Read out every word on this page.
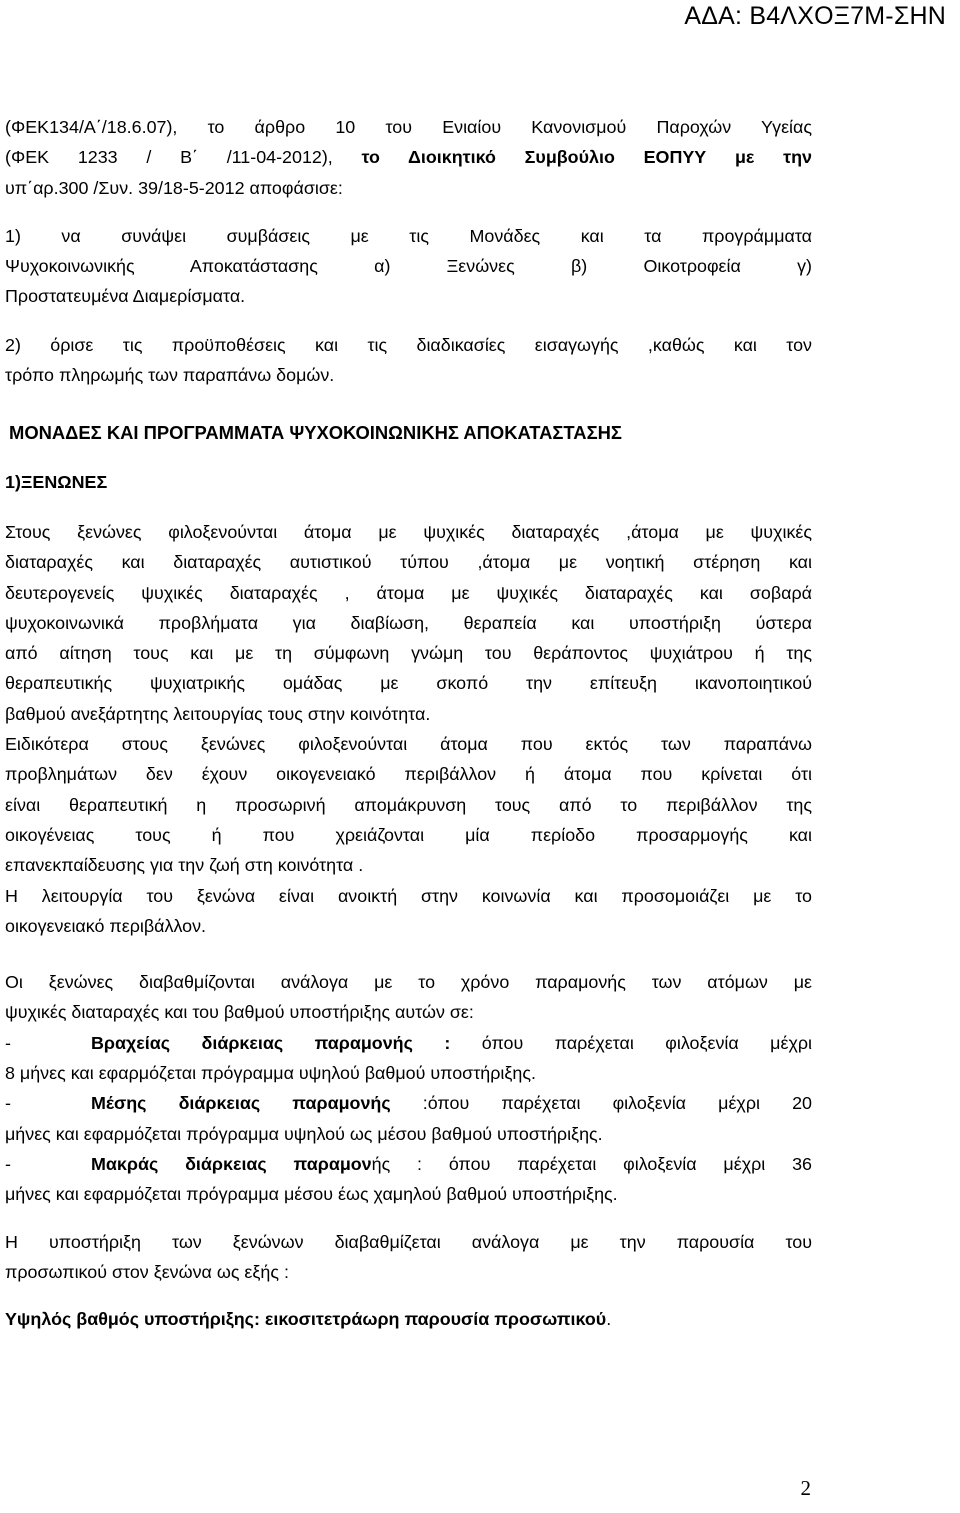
ΑΔΑ: Β4ΛΧΟΞ7Μ-ΣΗΝ

(ΦΕΚ134/Α΄/18.6.07), το άρθρο 10 του Ενιαίου Κανονισμού Παροχών Υγείας

(ΦΕΚ 1233 / Β΄ /11-04-2012), το Διοικητικό Συμβούλιο ΕΟΠΥΥ με την

υπ΄αρ.300 /Συν. 39/18-5-2012 αποφάσισε:

1) να συνάψει συμβάσεις με τις Μονάδες και τα προγράμματα

Ψυχοκοινωνικής Αποκατάστασης α) Ξενώνες β) Οικοτροφεία γ)

Προστατευμένα Διαμερίσματα.

2) όρισε τις προϋποθέσεις και τις διαδικασίες εισαγωγής ,καθώς και τον

τρόπο πληρωμής των παραπάνω δομών.

ΜΟΝΑΔΕΣ ΚΑΙ ΠΡΟΓΡΑΜΜΑΤΑ ΨΥΧΟΚΟΙΝΩΝΙΚΗΣ ΑΠΟΚΑΤΑΣΤΑΣΗΣ

1)ΞΕΝΩΝΕΣ

Στους ξενώνες φιλοξενούνται άτομα με ψυχικές διαταραχές ,άτομα με ψυχικές

διαταραχές και διαταραχές αυτιστικού τύπου ,άτομα με νοητική στέρηση και

δευτερογενείς ψυχικές διαταραχές , άτομα με ψυχικές διαταραχές και σοβαρά

ψυχοκοινωνικά προβλήματα για διαβίωση, θεραπεία και υποστήριξη ύστερα

από αίτηση τους και με τη σύμφωνη γνώμη του θεράποντος ψυχιάτρου ή της

θεραπευτικής ψυχιατρικής ομάδας με σκοπό την επίτευξη ικανοποιητικού

βαθμού ανεξάρτητης λειτουργίας τους στην κοινότητα.

Ειδικότερα στους ξενώνες φιλοξενούνται άτομα που εκτός των παραπάνω

προβλημάτων δεν έχουν οικογενειακό περιβάλλον ή άτομα που κρίνεται ότι

είναι θεραπευτική η προσωρινή απομάκρυνση τους από το περιβάλλον της

οικογένειας τους ή που χρειάζονται μία περίοδο προσαρμογής και

επανεκπαίδευσης για την ζωή στη κοινότητα .

Η λειτουργία του ξενώνα είναι ανοικτή στην κοινωνία και προσομοιάζει με το

οικογενειακό περιβάλλον.

Οι ξενώνες διαβαθμίζονται ανάλογα με το χρόνο παραμονής των ατόμων με

ψυχικές διαταραχές και του βαθμού υποστήριξης αυτών σε:

-	Βραχείας διάρκειας παραμονής : όπου παρέχεται φιλοξενία μέχρι

8 μήνες και εφαρμόζεται πρόγραμμα υψηλού βαθμού υποστήριξης.

-	Μέσης διάρκειας παραμονής :όπου παρέχεται φιλοξενία μέχρι 20

μήνες και εφαρμόζεται πρόγραμμα υψηλού ως μέσου βαθμού υποστήριξης.

-	Μακράς διάρκειας παραμονής : όπου παρέχεται φιλοξενία μέχρι 36

μήνες και εφαρμόζεται πρόγραμμα μέσου έως χαμηλού βαθμού υποστήριξης.

Η υποστήριξη των ξενώνων διαβαθμίζεται ανάλογα με την παρουσία του

προσωπικού στον ξενώνα ως εξής :

Υψηλός βαθμός υποστήριξης: εικοσιτετράωρη παρουσία προσωπικού.

2
